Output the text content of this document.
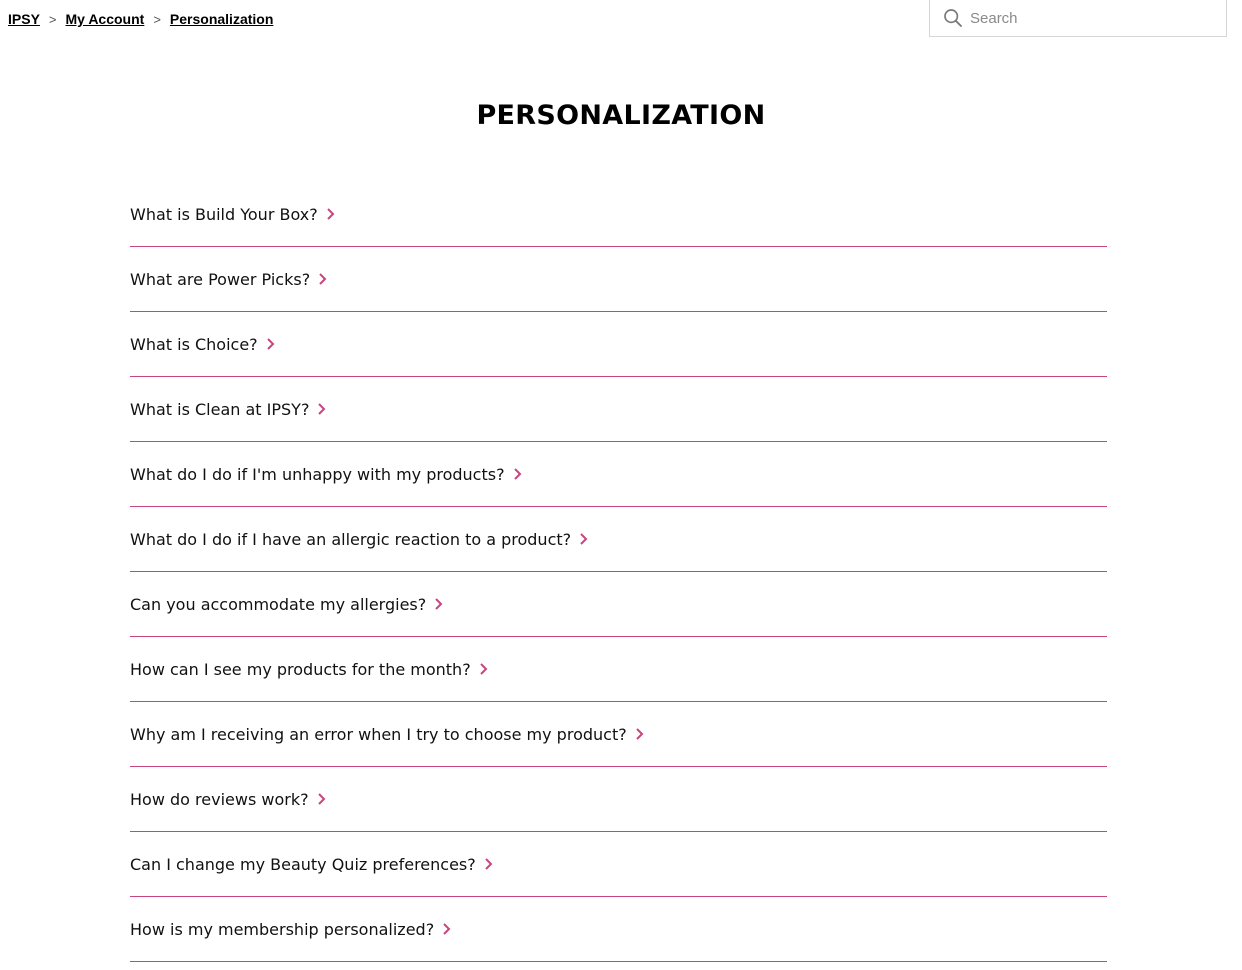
IPSY > My Account > Personalization
Search
PERSONALIZATION
What is Build Your Box?
What are Power Picks?
What is Choice?
What is Clean at IPSY?
What do I do if I'm unhappy with my products?
What do I do if I have an allergic reaction to a product?
Can you accommodate my allergies?
How can I see my products for the month?
Why am I receiving an error when I try to choose my product?
How do reviews work?
Can I change my Beauty Quiz preferences?
How is my membership personalized?
